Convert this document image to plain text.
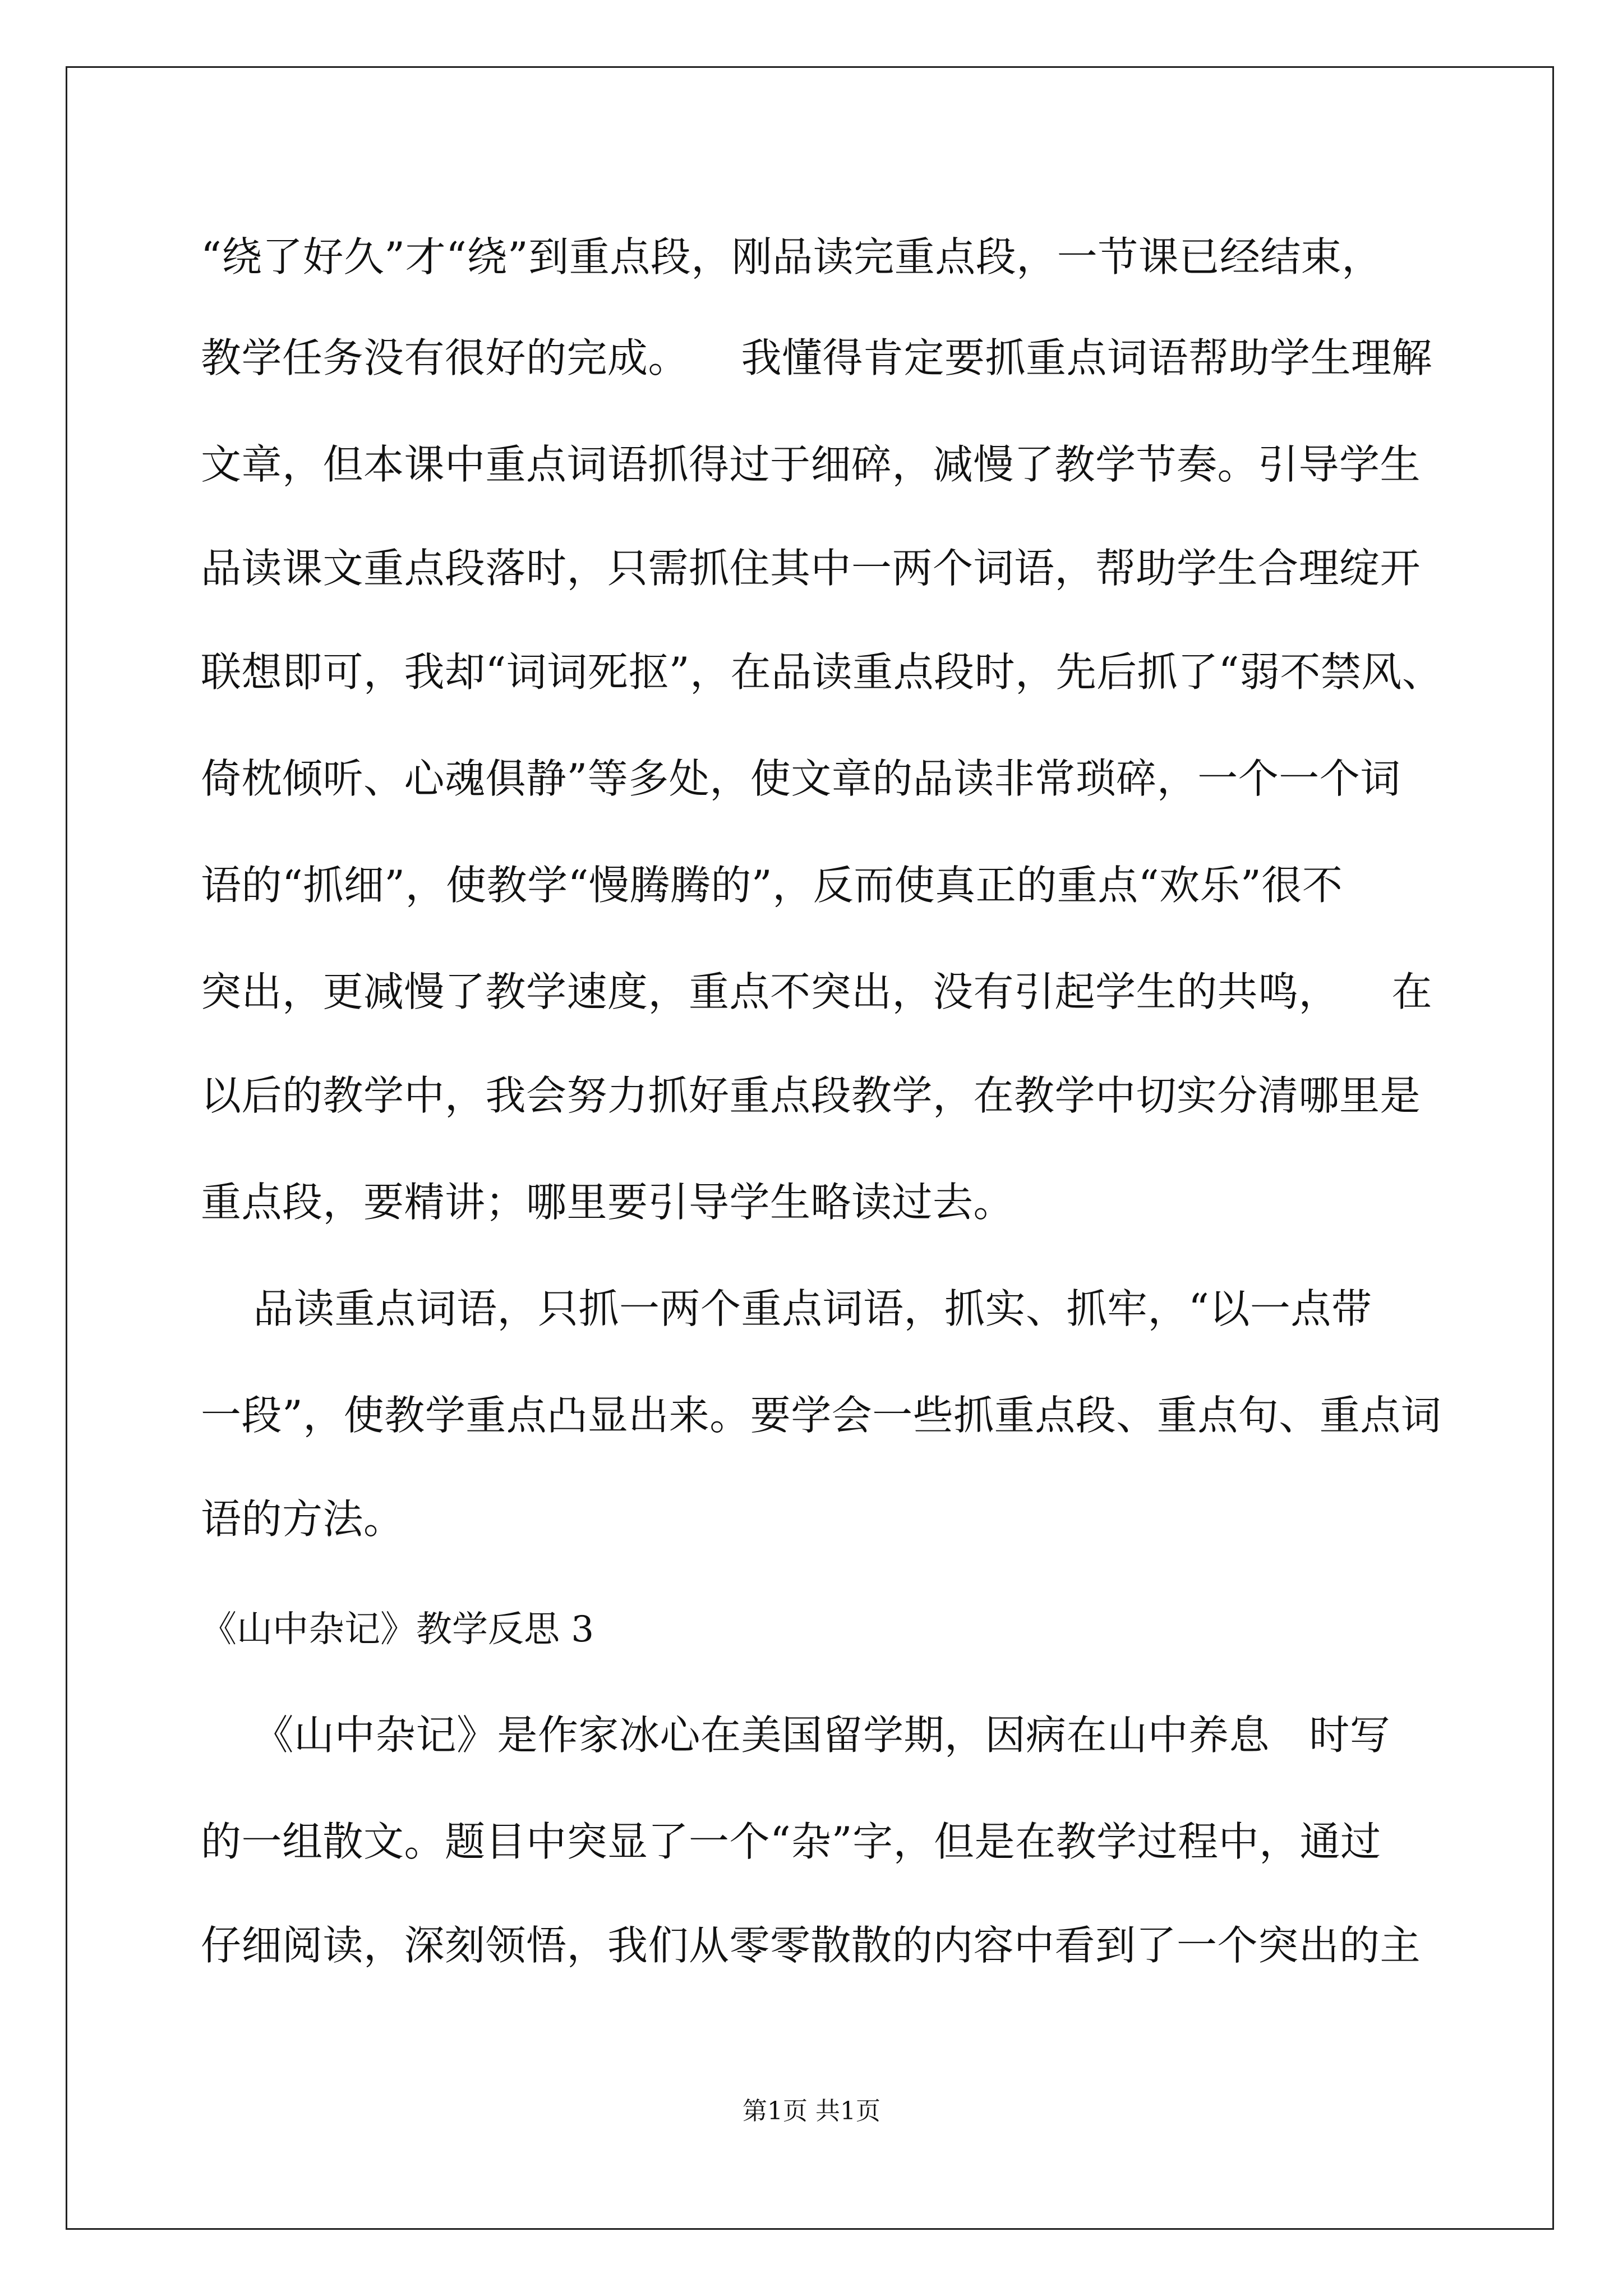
“绕了好久”才“绕”到重点段，刚品读完重点段，一节课已经结束，
教学任务没有很好的完成。    我懂得肯定要抓重点词语帮助学生理解
文章，但本课中重点词语抓得过于细碎，减慢了教学节奏。引导学生
品读课文重点段落时，只需抓住其中一两个词语，帮助学生合理绽开
联想即可，我却“词词死抠”，在品读重点段时，先后抓了“弱不禁风、
倚枕倾听、心魂俱静”等多处，使文章的品读非常琐碎，一个一个词
语的“抓细”，使教学“慢腾腾的”，反而使真正的重点“欢乐”很不
突出，更减慢了教学速度，重点不突出，没有引起学生的共鸣，    在
以后的教学中，我会努力抓好重点段教学，在教学中切实分清哪里是
重点段，要精讲；哪里要引导学生略读过去。
品读重点词语，只抓一两个重点词语，抓实、抓牢，“以一点带
一段”，使教学重点凸显出来。要学会一些抓重点段、重点句、重点词
语的方法。
《山中杂记》教学反思 3
《山中杂记》是作家冰心在美国留学期，因病在山中养息   时写
的一组散文。题目中突显了一个“杂”字，但是在教学过程中，通过
仔细阅读，深刻领悟，我们从零零散散的内容中看到了一个突出的主
第1页 共1页
